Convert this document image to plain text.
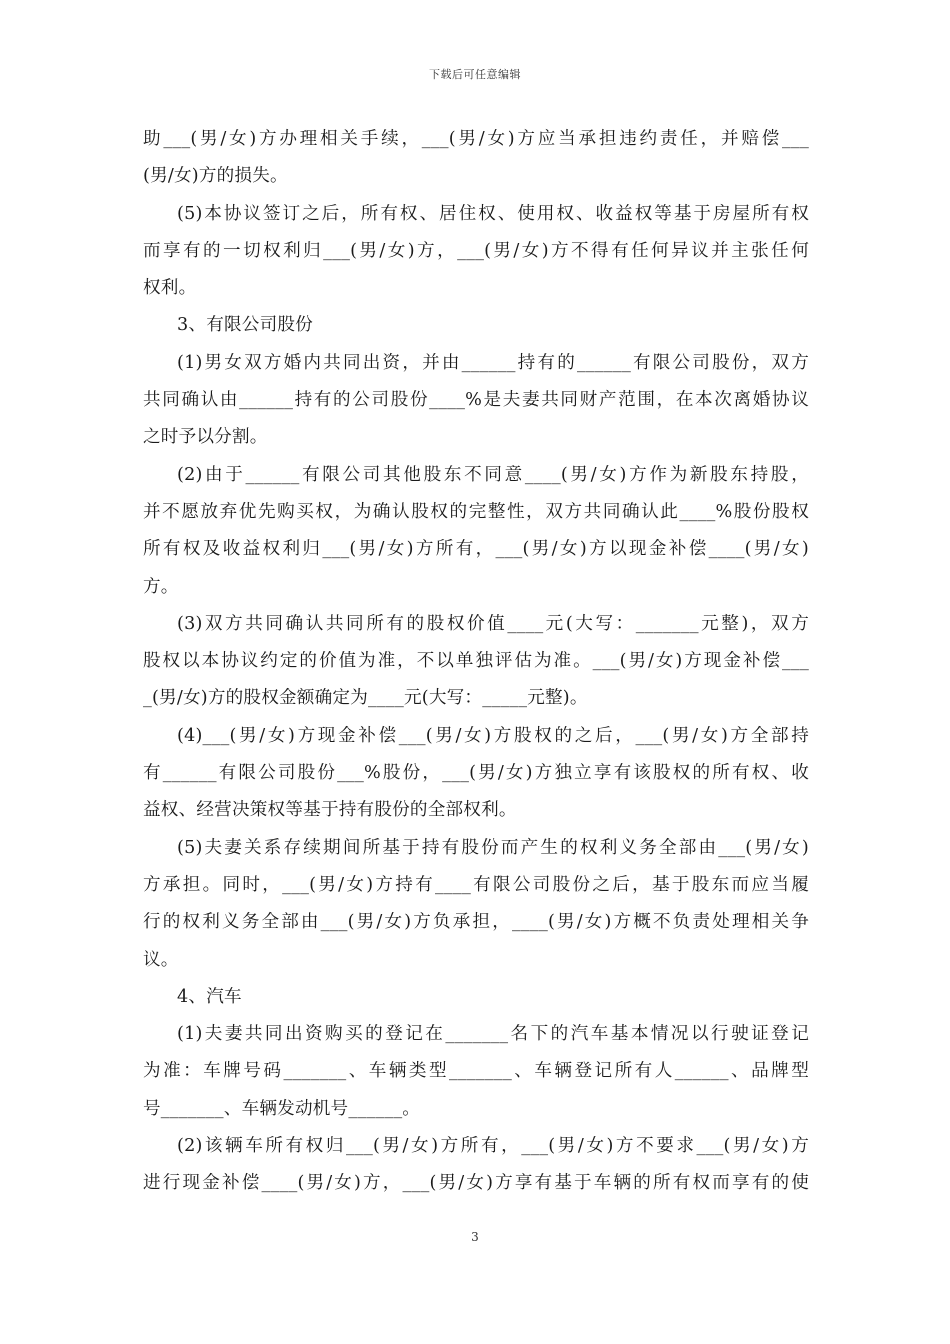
下载后可任意编辑
助___(男/女)方办理相关手续，___(男/女)方应当承担违约责任，并赔偿___
(男/女)方的损失。
(5)本协议签订之后，所有权、居住权、使用权、收益权等基于房屋所有权
而享有的一切权利归___(男/女)方，___(男/女)方不得有任何异议并主张任何
权利。
3、有限公司股份
(1)男女双方婚内共同出资，并由______持有的______有限公司股份，双方
共同确认由______持有的公司股份____%是夫妻共同财产范围，在本次离婚协议
之时予以分割。
(2)由于______有限公司其他股东不同意____(男/女)方作为新股东持股，
并不愿放弃优先购买权，为确认股权的完整性，双方共同确认此____%股份股权
所有权及收益权利归___(男/女)方所有，___(男/女)方以现金补偿____(男/女)
方。
(3)双方共同确认共同所有的股权价值____元(大写：_______元整)，双方
股权以本协议约定的价值为准，不以单独评估为准。___(男/女)方现金补偿___
_(男/女)方的股权金额确定为____元(大写：_____元整)。
(4)___(男/女)方现金补偿___(男/女)方股权的之后，___(男/女)方全部持
有______有限公司股份___%股份，___(男/女)方独立享有该股权的所有权、收
益权、经营决策权等基于持有股份的全部权利。
(5)夫妻关系存续期间所基于持有股份而产生的权利义务全部由___(男/女)
方承担。同时，___(男/女)方持有____有限公司股份之后，基于股东而应当履
行的权利义务全部由___(男/女)方负承担，____(男/女)方概不负责处理相关争
议。
4、汽车
(1)夫妻共同出资购买的登记在_______名下的汽车基本情况以行驶证登记
为准：车牌号码_______、车辆类型_______、车辆登记所有人______、品牌型
号_______、车辆发动机号______。
(2)该辆车所有权归___(男/女)方所有，___(男/女)方不要求___(男/女)方
进行现金补偿____(男/女)方，___(男/女)方享有基于车辆的所有权而享有的使
3
